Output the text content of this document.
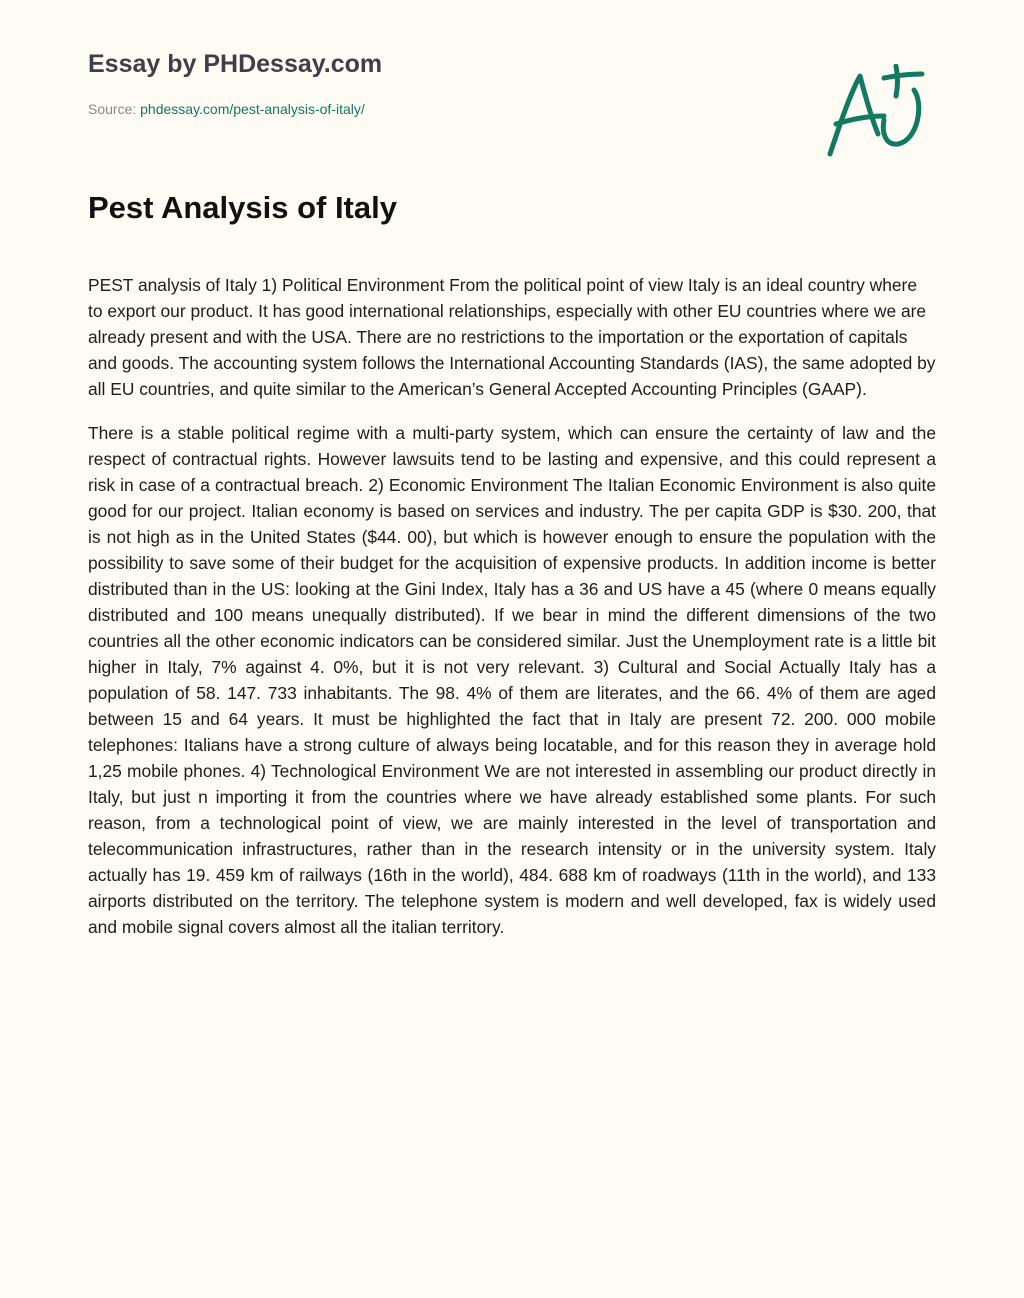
Essay by PHDessay.com
Source: phdessay.com/pest-analysis-of-italy/
Pest Analysis of Italy

PEST analysis of Italy 1) Political Environment From the political point of view Italy is an ideal country where to export our product. It has good international relationships, especially with other EU countries where we are already present and with the USA. There are no restrictions to the importation or the exportation of capitals and goods. The accounting system follows the International Accounting Standards (IAS), the same adopted by all EU countries, and quite similar to the American’s General Accepted Accounting Principles (GAAP).

There is a stable political regime with a multi-party system, which can ensure the certainty of law and the respect of contractual rights. However lawsuits tend to be lasting and expensive, and this could represent a risk in case of a contractual breach. 2) Economic Environment The Italian Economic Environment is also quite good for our project. Italian economy is based on services and industry. The per capita GDP is $30. 200, that is not high as in the United States ($44. 00), but which is however enough to ensure the population with the possibility to save some of their budget for the acquisition of expensive products. In addition income is better distributed than in the US: looking at the Gini Index, Italy has a 36 and US have a 45 (where 0 means equally distributed and 100 means unequally distributed). If we bear in mind the different dimensions of the two countries all the other economic indicators can be considered similar. Just the Unemployment rate is a little bit higher in Italy, 7% against 4. 0%, but it is not very relevant. 3) Cultural and Social Actually Italy has a population of 58. 147. 733 inhabitants. The 98. 4% of them are literates, and the 66. 4% of them are aged between 15 and 64 years. It must be highlighted the fact that in Italy are present 72. 200. 000 mobile telephones: Italians have a strong culture of always being locatable, and for this reason they in average hold 1,25 mobile phones. 4) Technological Environment We are not interested in assembling our product directly in Italy, but just n importing it from the countries where we have already established some plants. For such reason, from a technological point of view, we are mainly interested in the level of transportation and telecommunication infrastructures, rather than in the research intensity or in the university system. Italy actually has 19. 459 km of railways (16th in the world), 484. 688 km of roadways (11th in the world), and 133 airports distributed on the territory. The telephone system is modern and well developed, fax is widely used and mobile signal covers almost all the italian territory.
